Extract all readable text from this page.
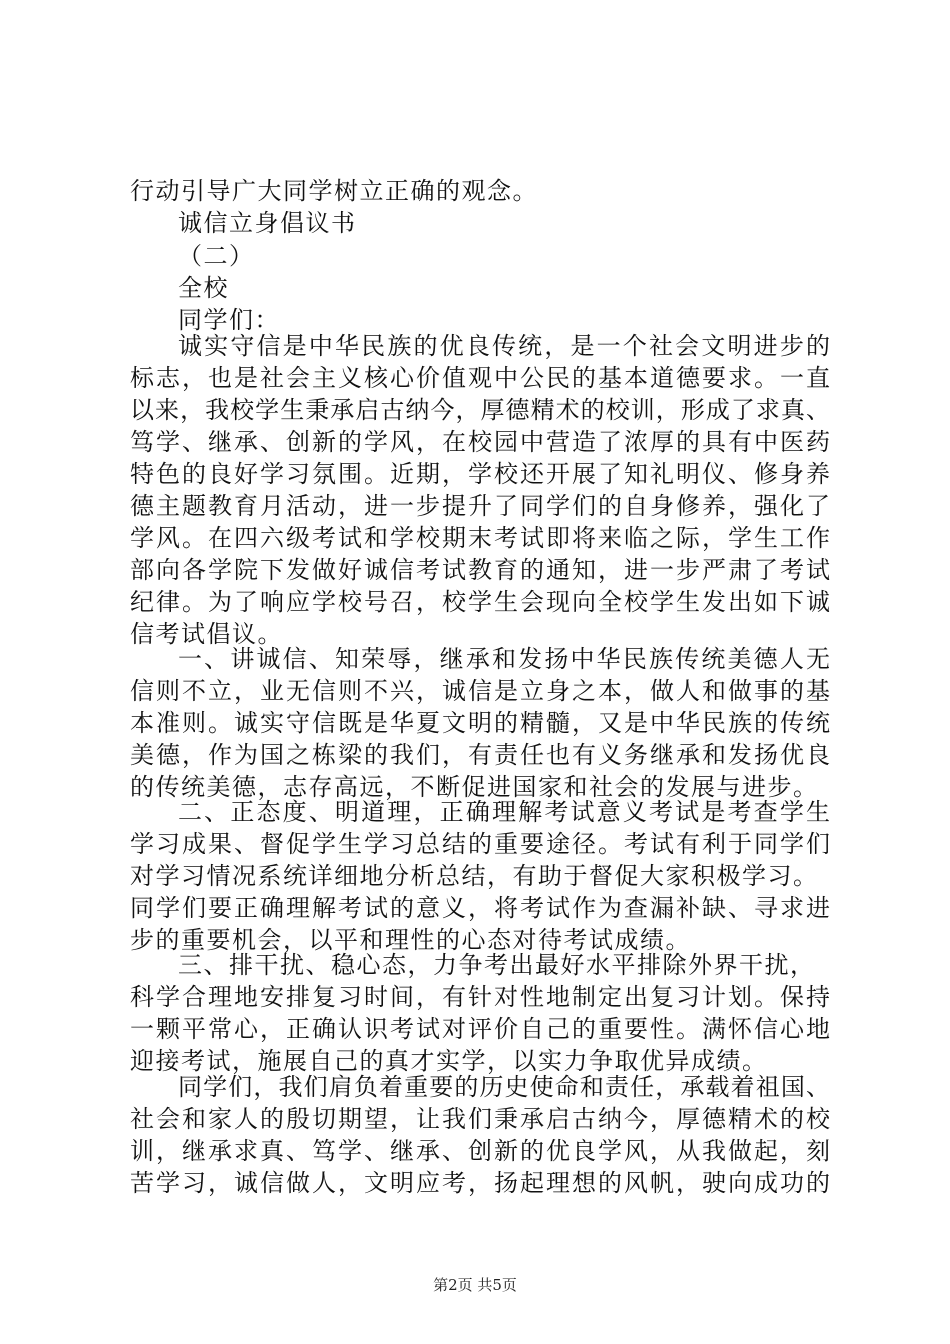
行动引导广大同学树立正确的观念。
诚信立身倡议书
（二）
全校
同学们：
诚实守信是中华民族的优良传统，是一个社会文明进步的
标志，也是社会主义核心价值观中公民的基本道德要求。一直
以来，我校学生秉承启古纳今，厚德精术的校训，形成了求真、
笃学、继承、创新的学风，在校园中营造了浓厚的具有中医药
特色的良好学习氛围。近期，学校还开展了知礼明仪、修身养
德主题教育月活动，进一步提升了同学们的自身修养，强化了
学风。在四六级考试和学校期末考试即将来临之际，学生工作
部向各学院下发做好诚信考试教育的通知，进一步严肃了考试
纪律。为了响应学校号召，校学生会现向全校学生发出如下诚
信考试倡议。
一、讲诚信、知荣辱，继承和发扬中华民族传统美德人无
信则不立，业无信则不兴，诚信是立身之本，做人和做事的基
本准则。诚实守信既是华夏文明的精髓，又是中华民族的传统
美德，作为国之栋梁的我们，有责任也有义务继承和发扬优良
的传统美德，志存高远，不断促进国家和社会的发展与进步。
二、正态度、明道理，正确理解考试意义考试是考查学生
学习成果、督促学生学习总结的重要途径。考试有利于同学们
对学习情况系统详细地分析总结，有助于督促大家积极学习。
同学们要正确理解考试的意义，将考试作为查漏补缺、寻求进
步的重要机会，以平和理性的心态对待考试成绩。
三、排干扰、稳心态，力争考出最好水平排除外界干扰，
科学合理地安排复习时间，有针对性地制定出复习计划。保持
一颗平常心，正确认识考试对评价自己的重要性。满怀信心地
迎接考试，施展自己的真才实学，以实力争取优异成绩。
同学们，我们肩负着重要的历史使命和责任，承载着祖国、
社会和家人的殷切期望，让我们秉承启古纳今，厚德精术的校
训，继承求真、笃学、继承、创新的优良学风，从我做起，刻
苦学习，诚信做人，文明应考，扬起理想的风帆，驶向成功的
第2页 共5页
